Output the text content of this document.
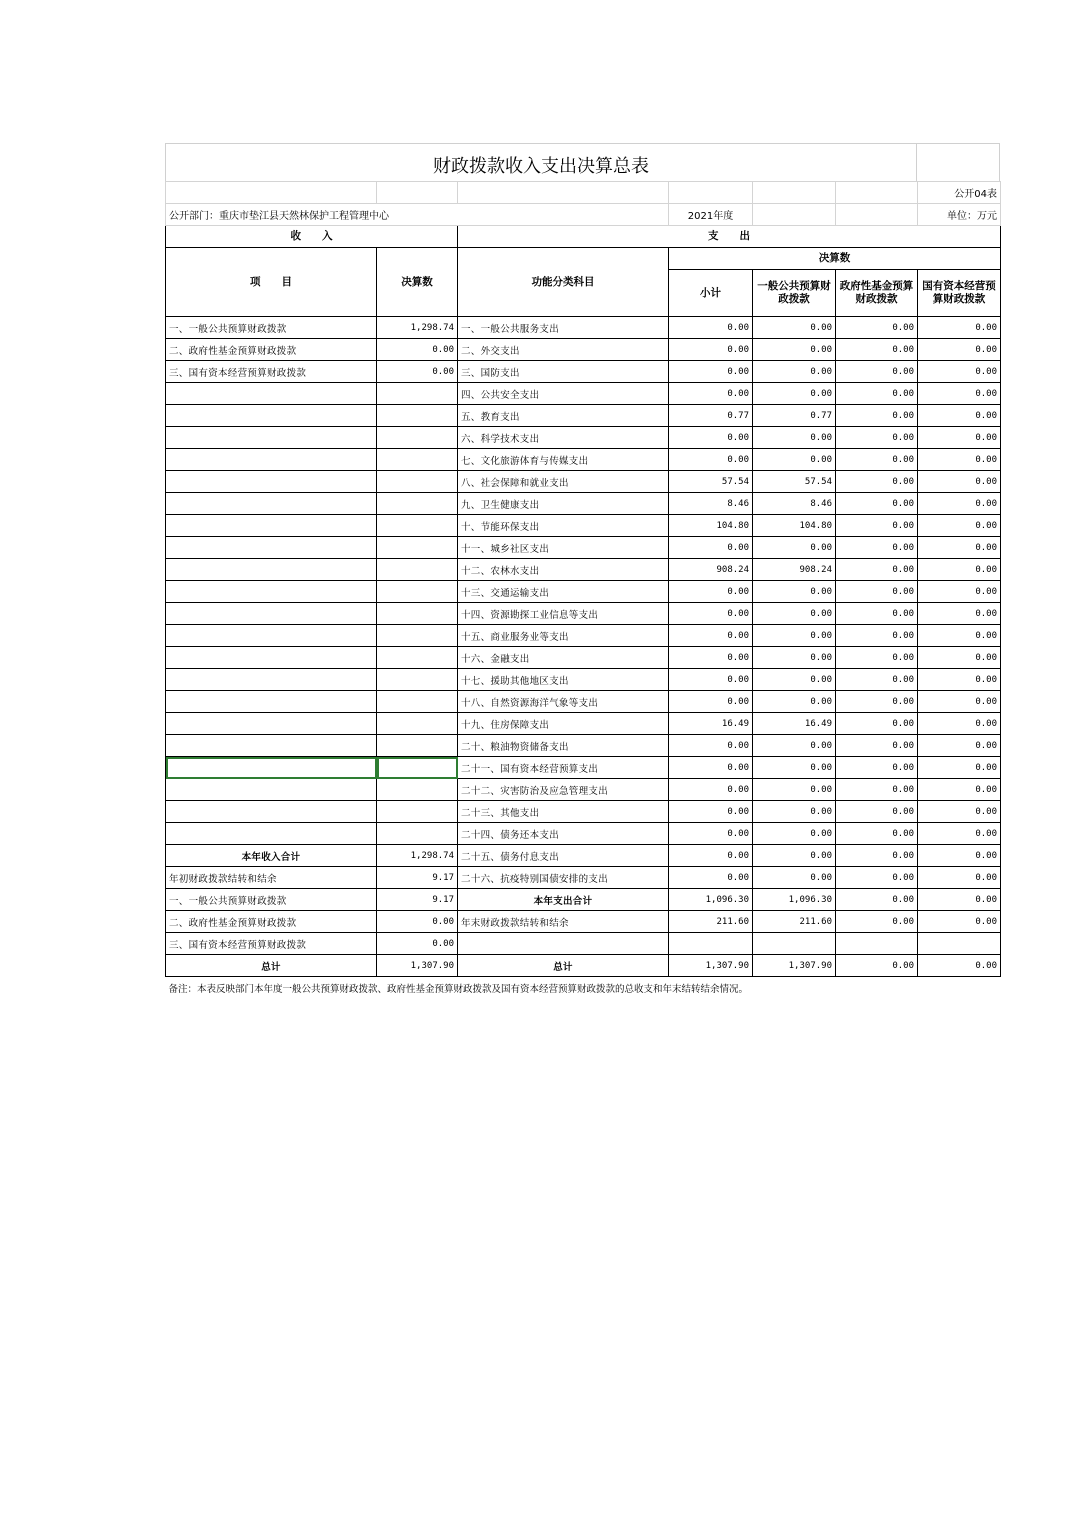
财政拨款收入支出决算总表
						公开04表
公开部门：重庆市垫江县天然林保护工程管理中心			2021年度			单位：万元
收　　入		支　　出				
项　　目	决算数	功能分类科目	决算数			
			小计	一般公共预算财政拨款	政府性基金预算财政拨款	国有资本经营预算财政拨款
一、一般公共预算财政拨款	1,298.74	一、一般公共服务支出	0.00	0.00	0.00	0.00
二、政府性基金预算财政拨款	0.00	二、外交支出	0.00	0.00	0.00	0.00
三、国有资本经营预算财政拨款	0.00	三、国防支出	0.00	0.00	0.00	0.00
		四、公共安全支出	0.00	0.00	0.00	0.00
		五、教育支出	0.77	0.77	0.00	0.00
		六、科学技术支出	0.00	0.00	0.00	0.00
		七、文化旅游体育与传媒支出	0.00	0.00	0.00	0.00
		八、社会保障和就业支出	57.54	57.54	0.00	0.00
		九、卫生健康支出	8.46	8.46	0.00	0.00
		十、节能环保支出	104.80	104.80	0.00	0.00
		十一、城乡社区支出	0.00	0.00	0.00	0.00
		十二、农林水支出	908.24	908.24	0.00	0.00
		十三、交通运输支出	0.00	0.00	0.00	0.00
		十四、资源勘探工业信息等支出	0.00	0.00	0.00	0.00
		十五、商业服务业等支出	0.00	0.00	0.00	0.00
		十六、金融支出	0.00	0.00	0.00	0.00
		十七、援助其他地区支出	0.00	0.00	0.00	0.00
		十八、自然资源海洋气象等支出	0.00	0.00	0.00	0.00
		十九、住房保障支出	16.49	16.49	0.00	0.00
		二十、粮油物资储备支出	0.00	0.00	0.00	0.00
		二十一、国有资本经营预算支出	0.00	0.00	0.00	0.00
		二十二、灾害防治及应急管理支出	0.00	0.00	0.00	0.00
		二十三、其他支出	0.00	0.00	0.00	0.00
		二十四、债务还本支出	0.00	0.00	0.00	0.00
本年收入合计	1,298.74	二十五、债务付息支出	0.00	0.00	0.00	0.00
年初财政拨款结转和结余	9.17	二十六、抗疫特别国债安排的支出	0.00	0.00	0.00	0.00
一、一般公共预算财政拨款	9.17	本年支出合计	1,096.30	1,096.30	0.00	0.00
二、政府性基金预算财政拨款	0.00	年末财政拨款结转和结余	211.60	211.60	0.00	0.00
三、国有资本经营预算财政拨款	0.00					
总计	1,307.90	总计	1,307.90	1,307.90	0.00	0.00
备注：本表反映部门本年度一般公共预算财政拨款、政府性基金预算财政拨款及国有资本经营预算财政拨款的总收支和年末结转结余情况。						
